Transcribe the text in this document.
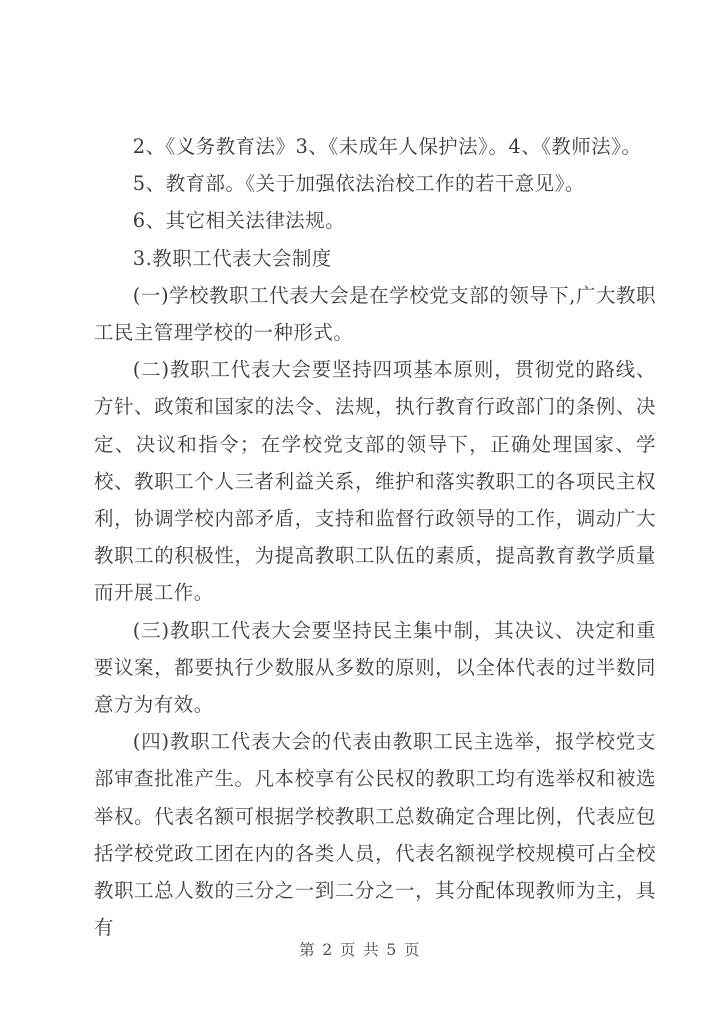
2、《义务教育法》3、《未成年人保护法》。4、《教师法》。

5、教育部。《关于加强依法治校工作的若干意见》。

6、其它相关法律法规。

3.教职工代表大会制度

(一)学校教职工代表大会是在学校党支部的领导下,广大教职工民主管理学校的一种形式。

(二)教职工代表大会要坚持四项基本原则，贯彻党的路线、方针、政策和国家的法令、法规，执行教育行政部门的条例、决定、决议和指令；在学校党支部的领导下，正确处理国家、学校、教职工个人三者利益关系，维护和落实教职工的各项民主权利，协调学校内部矛盾，支持和监督行政领导的工作，调动广大教职工的积极性，为提高教职工队伍的素质，提高教育教学质量而开展工作。

(三)教职工代表大会要坚持民主集中制，其决议、决定和重要议案，都要执行少数服从多数的原则，以全体代表的过半数同意方为有效。

(四)教职工代表大会的代表由教职工民主选举，报学校党支部审查批准产生。凡本校享有公民权的教职工均有选举权和被选举权。代表名额可根据学校教职工总数确定合理比例，代表应包括学校党政工团在内的各类人员，代表名额视学校规模可占全校教职工总人数的三分之一到二分之一，其分配体现教师为主，具有

第 2 页 共 5 页
